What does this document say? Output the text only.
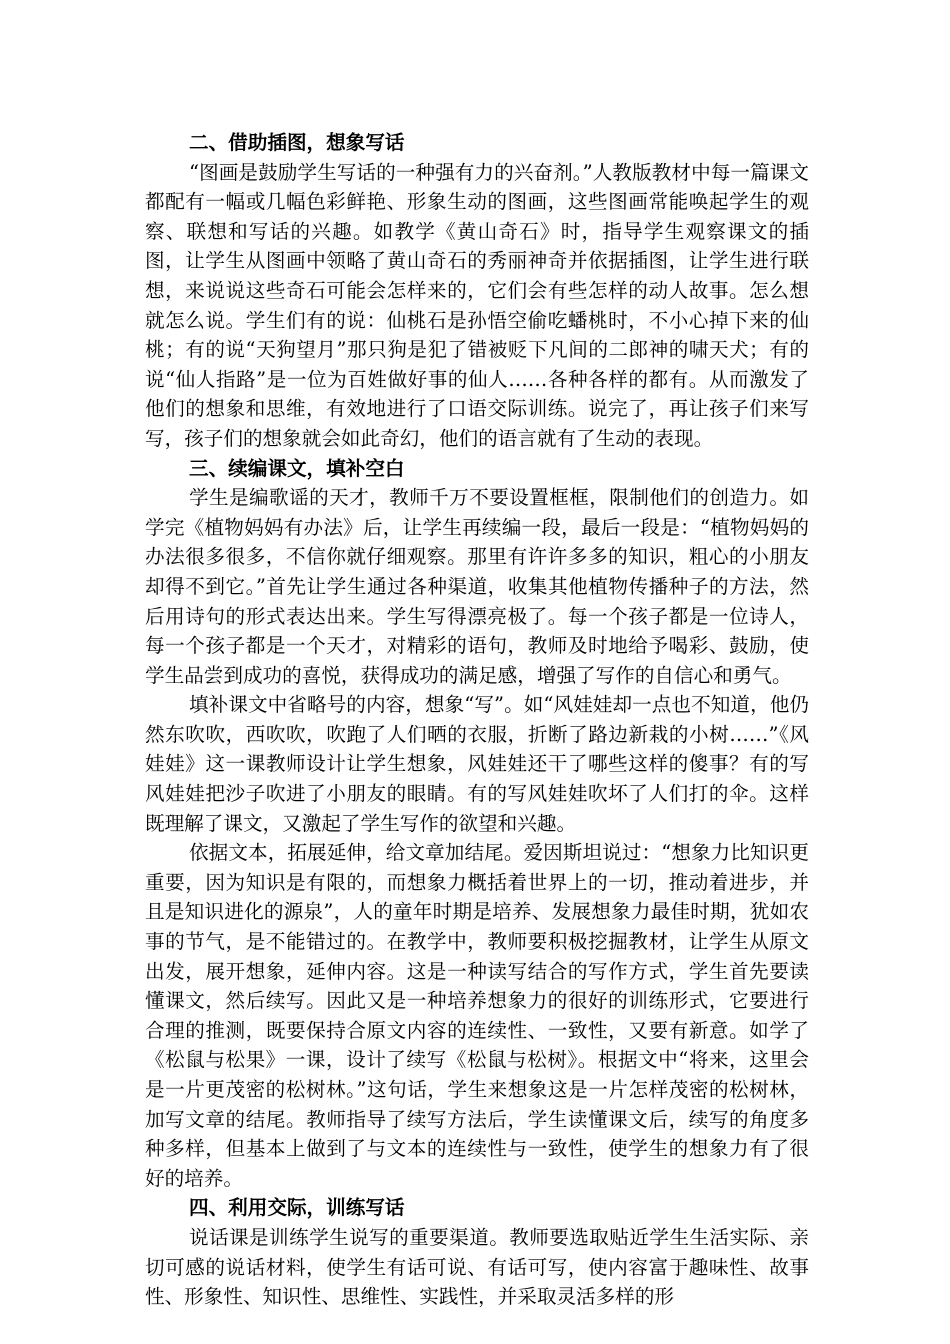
二、借助插图，想象写话

“图画是鼓励学生写话的一种强有力的兴奋剂。”人教版教材中每一篇课文都配有一幅或几幅色彩鲜艳、形象生动的图画，这些图画常能唤起学生的观察、联想和写话的兴趣。如教学《黄山奇石》时，指导学生观察课文的插图，让学生从图画中领略了黄山奇石的秀丽神奇并依据插图，让学生进行联想，来说说这些奇石可能会怎样来的，它们会有些怎样的动人故事。怎么想就怎么说。学生们有的说：仙桃石是孙悟空偷吃蟠桃时，不小心掉下来的仙桃；有的说“天狗望月”那只狗是犯了错被贬下凡间的二郎神的啸天犬；有的说“仙人指路”是一位为百姓做好事的仙人……各种各样的都有。从而激发了他们的想象和思维，有效地进行了口语交际训练。说完了，再让孩子们来写写，孩子们的想象就会如此奇幻，他们的语言就有了生动的表现。

三、续编课文，填补空白

学生是编歌谣的天才，教师千万不要设置框框，限制他们的创造力。如学完《植物妈妈有办法》后，让学生再续编一段，最后一段是：“植物妈妈的办法很多很多，不信你就仔细观察。那里有许许多多的知识，粗心的小朋友却得不到它。”首先让学生通过各种渠道，收集其他植物传播种子的方法，然后用诗句的形式表达出来。学生写得漂亮极了。每一个孩子都是一位诗人，每一个孩子都是一个天才，对精彩的语句，教师及时地给予喝彩、鼓励，使学生品尝到成功的喜悦，获得成功的满足感，增强了写作的自信心和勇气。

填补课文中省略号的内容，想象“写”。如“风娃娃却一点也不知道，他仍然东吹吹，西吹吹，吹跑了人们晒的衣服，折断了路边新栽的小树……”《风娃娃》这一课教师设计让学生想象，风娃娃还干了哪些这样的傻事？有的写风娃娃把沙子吹进了小朋友的眼睛。有的写风娃娃吹坏了人们打的伞。这样既理解了课文，又激起了学生写作的欲望和兴趣。

依据文本，拓展延伸，给文章加结尾。爱因斯坦说过：“想象力比知识更重要，因为知识是有限的，而想象力概括着世界上的一切，推动着进步，并且是知识进化的源泉”，人的童年时期是培养、发展想象力最佳时期，犹如农事的节气，是不能错过的。在教学中，教师要积极挖掘教材，让学生从原文出发，展开想象，延伸内容。这是一种读写结合的写作方式，学生首先要读懂课文，然后续写。因此又是一种培养想象力的很好的训练形式，它要进行合理的推测，既要保持合原文内容的连续性、一致性，又要有新意。如学了《松鼠与松果》一课，设计了续写《松鼠与松树》。根据文中“将来，这里会是一片更茂密的松树林。”这句话，学生来想象这是一片怎样茂密的松树林，加写文章的结尾。教师指导了续写方法后，学生读懂课文后，续写的角度多种多样，但基本上做到了与文本的连续性与一致性，使学生的想象力有了很好的培养。

四、利用交际，训练写话

说话课是训练学生说写的重要渠道。教师要选取贴近学生生活实际、亲切可感的说话材料，使学生有话可说、有话可写，使内容富于趣味性、故事性、形象性、知识性、思维性、实践性，并采取灵活多样的形
